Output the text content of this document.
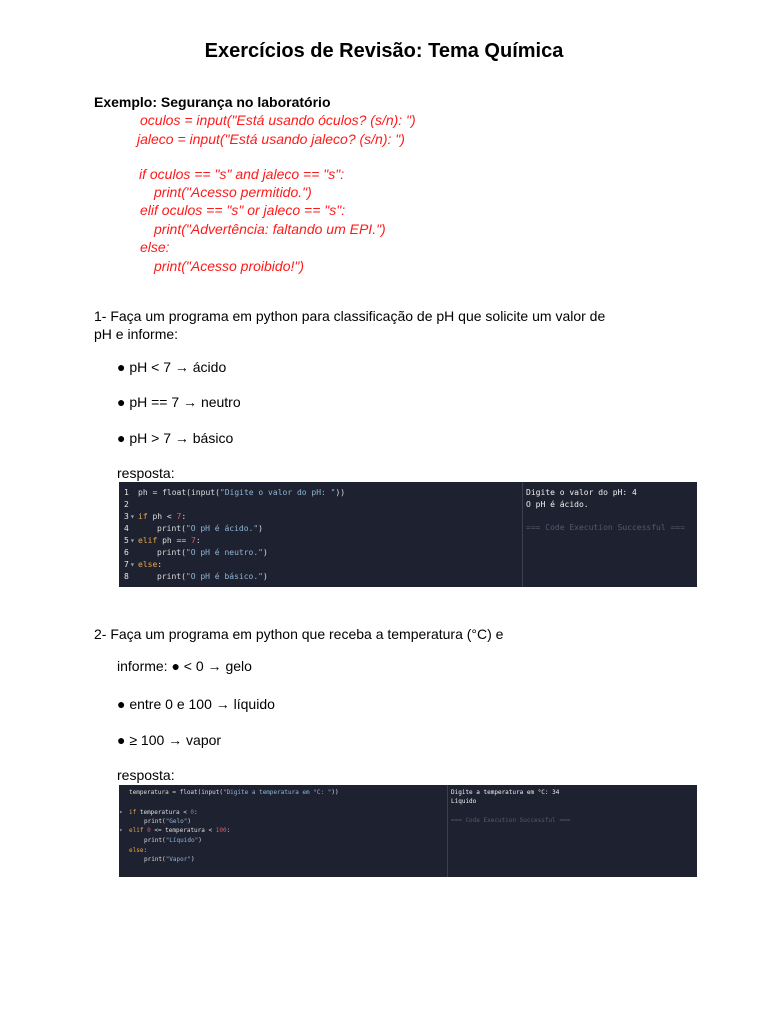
Exercícios de Revisão: Tema Química
Exemplo: Segurança no laboratório
oculos = input("Está usando óculos? (s/n): ")
jaleco = input("Está usando jaleco? (s/n): ")
if oculos == "s" and jaleco == "s":
print("Acesso permitido.")
elif oculos == "s" or jaleco == "s":
print("Advertência: faltando um EPI.")
else:
print("Acesso proibido!")
1- Faça um programa em python para classificação de pH que solicite um valor de
pH e informe:
● pH < 7 → ácido
● pH == 7 → neutro
● pH > 7 → básico
resposta:
1
2
3
4
5
6
7
8
▾
▾
▾
ph = float(input("Digite o valor do pH: "))
if ph < 7:
print("O pH é ácido.")
elif ph == 7:
print("O pH é neutro.")
else:
print("O pH é básico.")
Digite o valor do pH: 4
O pH é ácido.
=== Code Execution Successful ===
2- Faça um programa em python que receba a temperatura (°C) e
informe: ● < 0 → gelo
● entre 0 e 100 → líquido
● ≥ 100 → vapor
resposta:
▾
▾
temperatura = float(input("Digite a temperatura em °C: "))
if temperatura < 0:
print("Gelo")
elif 0 <= temperatura < 100:
print("Líquido")
else:
print("Vapor")
Digite a temperatura em °C: 34
Líquido
=== Code Execution Successful ===
